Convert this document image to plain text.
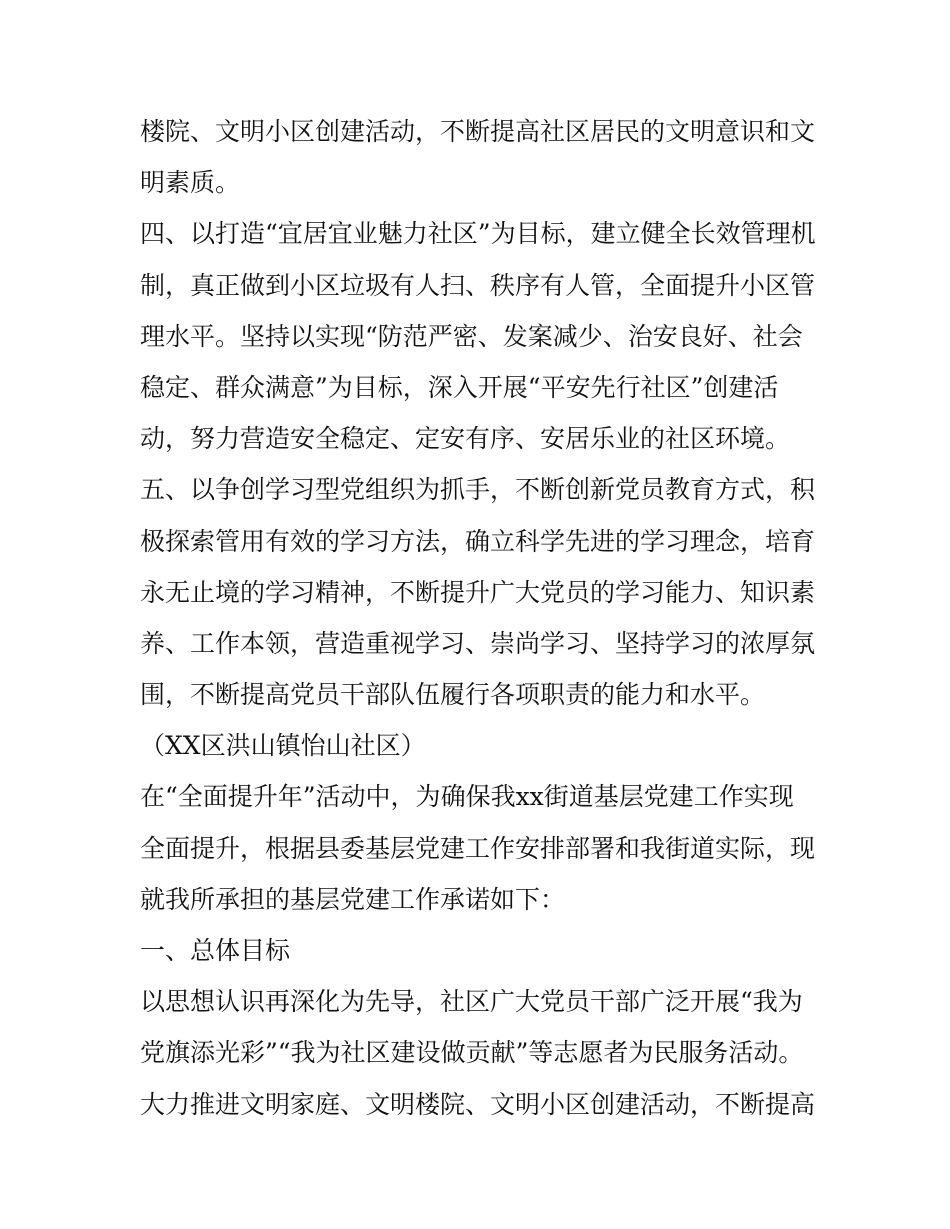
楼院、文明小区创建活动，不断提高社区居民的文明意识和文
明素质。
四、以打造“宜居宜业魅力社区”为目标，建立健全长效管理机
制，真正做到小区垃圾有人扫、秩序有人管，全面提升小区管
理水平。坚持以实现“防范严密、发案减少、治安良好、社会
稳定、群众满意”为目标，深入开展“平安先行社区”创建活
动，努力营造安全稳定、定安有序、安居乐业的社区环境。
五、以争创学习型党组织为抓手，不断创新党员教育方式，积
极探索管用有效的学习方法，确立科学先进的学习理念，培育
永无止境的学习精神，不断提升广大党员的学习能力、知识素
养、工作本领，营造重视学习、崇尚学习、坚持学习的浓厚氛
围，不断提高党员干部队伍履行各项职责的能力和水平。
（XX区洪山镇怡山社区）
在“全面提升年”活动中，为确保我xx街道基层党建工作实现
全面提升，根据县委基层党建工作安排部署和我街道实际，现
就我所承担的基层党建工作承诺如下：
一、总体目标
以思想认识再深化为先导，社区广大党员干部广泛开展“我为
党旗添光彩”“我为社区建设做贡献”等志愿者为民服务活动。
大力推进文明家庭、文明楼院、文明小区创建活动，不断提高
